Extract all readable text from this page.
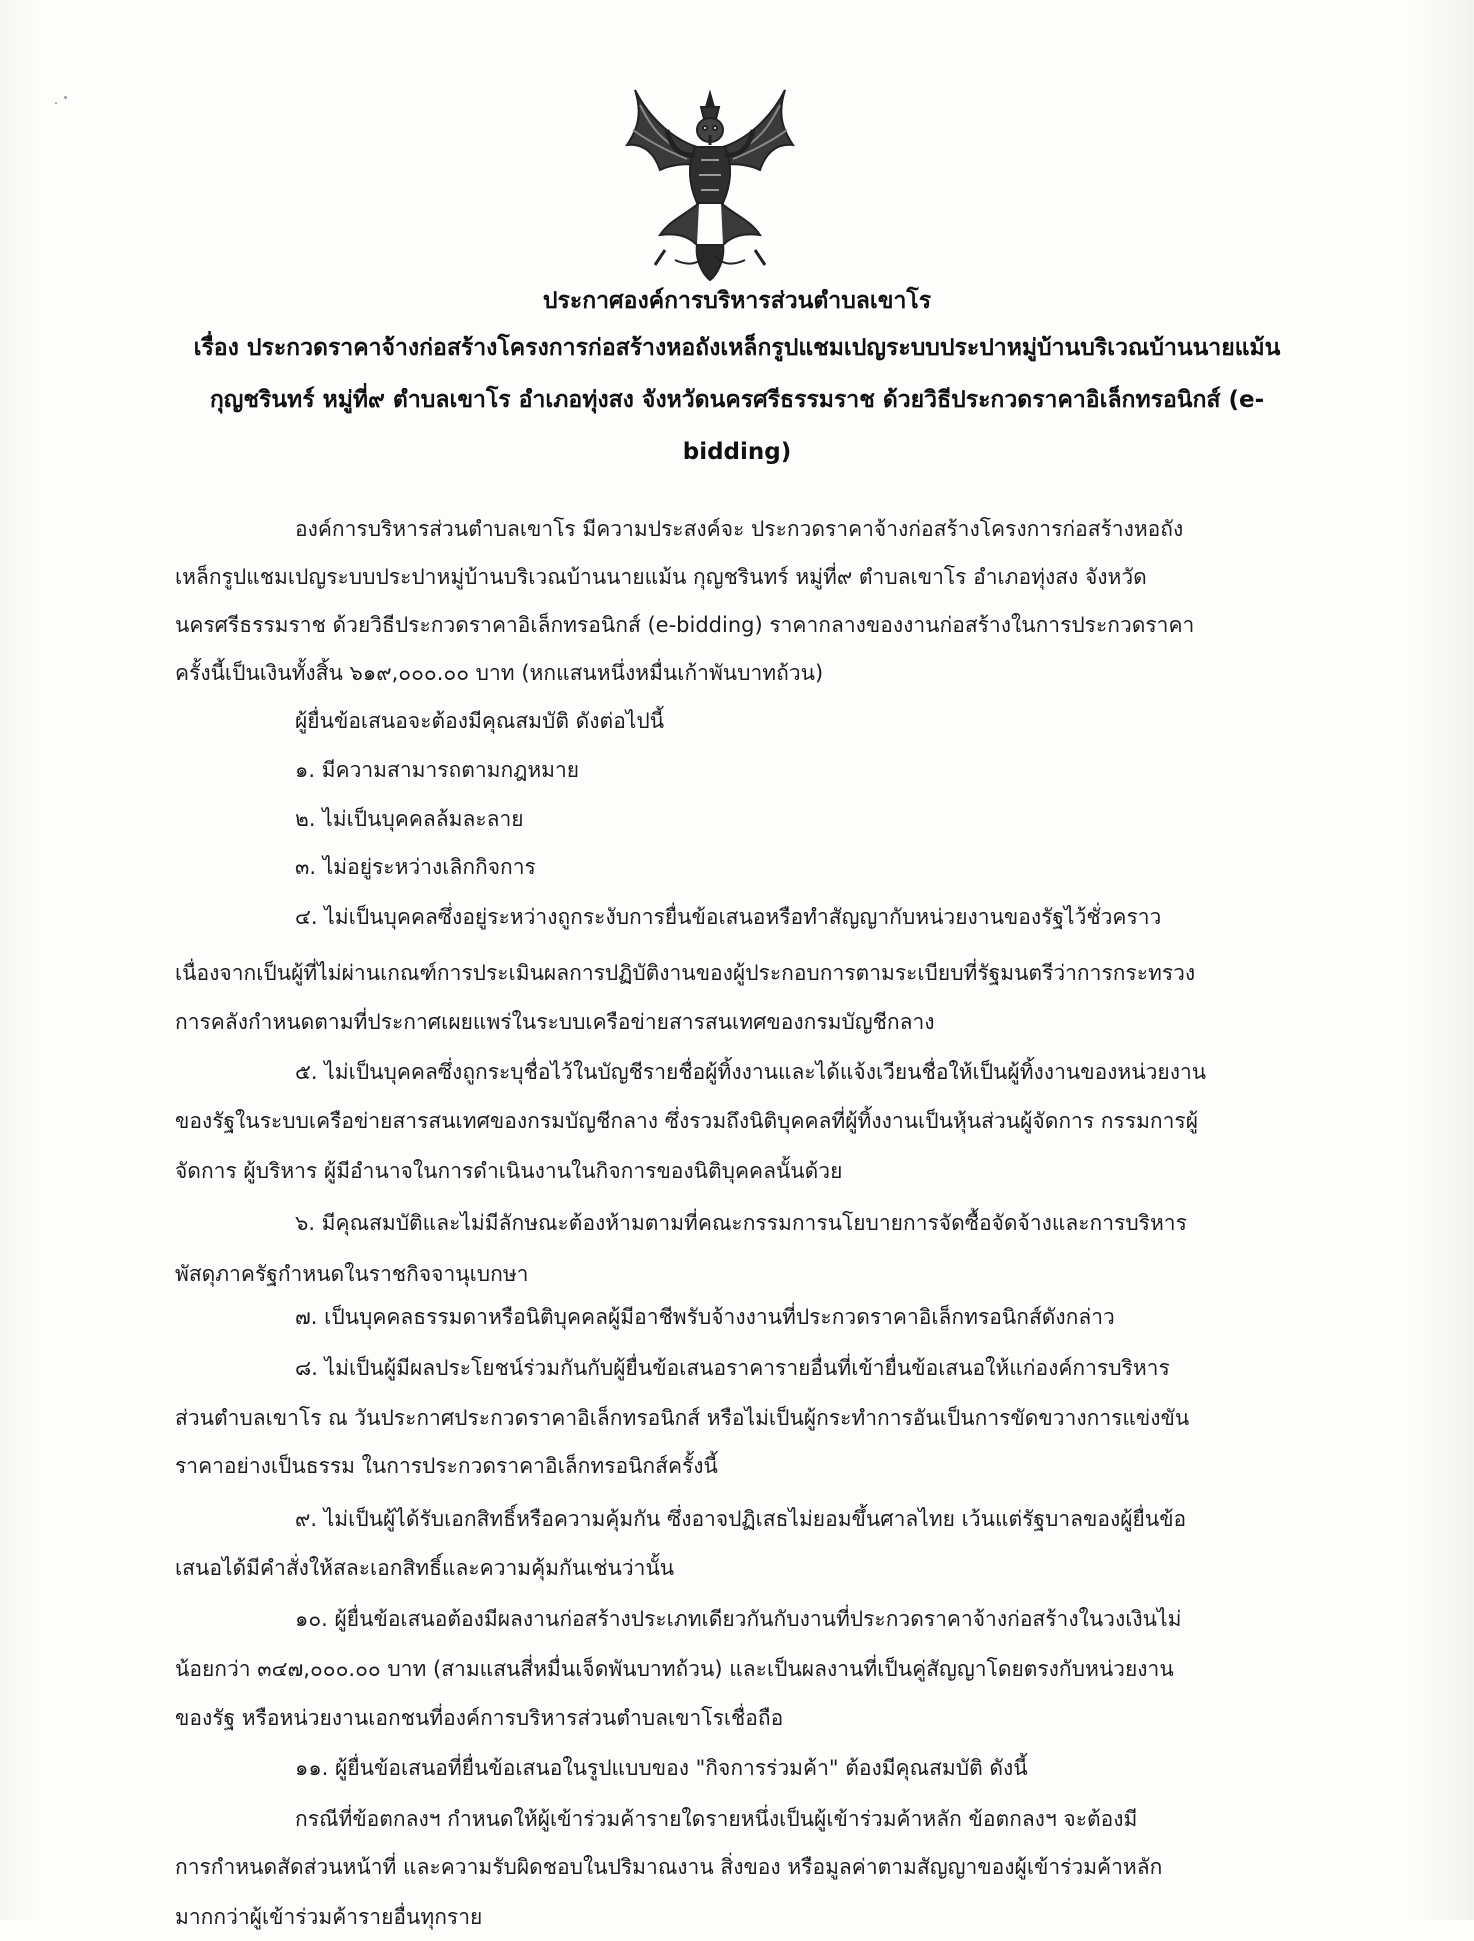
ประกาศองค์การบริหารส่วนตำบลเขาโร
เรื่อง ประกวดราคาจ้างก่อสร้างโครงการก่อสร้างหอถังเหล็กรูปแชมเปญระบบประปาหมู่บ้านบริเวณบ้านนายแม้น
กุญชรินทร์ หมู่ที่๙ ตำบลเขาโร อำเภอทุ่งสง จังหวัดนครศรีธรรมราช ด้วยวิธีประกวดราคาอิเล็กทรอนิกส์ (e-
bidding)
องค์การบริหารส่วนตำบลเขาโร มีความประสงค์จะ ประกวดราคาจ้างก่อสร้างโครงการก่อสร้างหอถัง
เหล็กรูปแชมเปญระบบประปาหมู่บ้านบริเวณบ้านนายแม้น กุญชรินทร์ หมู่ที่๙ ตำบลเขาโร อำเภอทุ่งสง จังหวัด
นครศรีธรรมราช ด้วยวิธีประกวดราคาอิเล็กทรอนิกส์ (e-bidding) ราคากลางของงานก่อสร้างในการประกวดราคา
ครั้งนี้เป็นเงินทั้งสิ้น ๖๑๙,๐๐๐.๐๐ บาท (หกแสนหนึ่งหมื่นเก้าพันบาทถ้วน)
ผู้ยื่นข้อเสนอจะต้องมีคุณสมบัติ ดังต่อไปนี้
๑. มีความสามารถตามกฎหมาย
๒. ไม่เป็นบุคคลล้มละลาย
๓. ไม่อยู่ระหว่างเลิกกิจการ
๔. ไม่เป็นบุคคลซึ่งอยู่ระหว่างถูกระงับการยื่นข้อเสนอหรือทำสัญญากับหน่วยงานของรัฐไว้ชั่วคราว
เนื่องจากเป็นผู้ที่ไม่ผ่านเกณฑ์การประเมินผลการปฏิบัติงานของผู้ประกอบการตามระเบียบที่รัฐมนตรีว่าการกระทรวง
การคลังกำหนดตามที่ประกาศเผยแพร่ในระบบเครือข่ายสารสนเทศของกรมบัญชีกลาง
๕. ไม่เป็นบุคคลซึ่งถูกระบุชื่อไว้ในบัญชีรายชื่อผู้ทิ้งงานและได้แจ้งเวียนชื่อให้เป็นผู้ทิ้งงานของหน่วยงาน
ของรัฐในระบบเครือข่ายสารสนเทศของกรมบัญชีกลาง ซึ่งรวมถึงนิติบุคคลที่ผู้ทิ้งงานเป็นหุ้นส่วนผู้จัดการ กรรมการผู้
จัดการ ผู้บริหาร ผู้มีอำนาจในการดำเนินงานในกิจการของนิติบุคคลนั้นด้วย
๖. มีคุณสมบัติและไม่มีลักษณะต้องห้ามตามที่คณะกรรมการนโยบายการจัดซื้อจัดจ้างและการบริหาร
พัสดุภาครัฐกำหนดในราชกิจจานุเบกษา
๗. เป็นบุคคลธรรมดาหรือนิติบุคคลผู้มีอาชีพรับจ้างงานที่ประกวดราคาอิเล็กทรอนิกส์ดังกล่าว
๘. ไม่เป็นผู้มีผลประโยชน์ร่วมกันกับผู้ยื่นข้อเสนอราคารายอื่นที่เข้ายื่นข้อเสนอให้แก่องค์การบริหาร
ส่วนตำบลเขาโร ณ วันประกาศประกวดราคาอิเล็กทรอนิกส์ หรือไม่เป็นผู้กระทำการอันเป็นการขัดขวางการแข่งขัน
ราคาอย่างเป็นธรรม ในการประกวดราคาอิเล็กทรอนิกส์ครั้งนี้
๙. ไม่เป็นผู้ได้รับเอกสิทธิ์หรือความคุ้มกัน ซึ่งอาจปฏิเสธไม่ยอมขึ้นศาลไทย เว้นแต่รัฐบาลของผู้ยื่นข้อ
เสนอได้มีคำสั่งให้สละเอกสิทธิ์และความคุ้มกันเช่นว่านั้น
๑๐. ผู้ยื่นข้อเสนอต้องมีผลงานก่อสร้างประเภทเดียวกันกับงานที่ประกวดราคาจ้างก่อสร้างในวงเงินไม่
น้อยกว่า ๓๔๗,๐๐๐.๐๐ บาท (สามแสนสี่หมื่นเจ็ดพันบาทถ้วน) และเป็นผลงานที่เป็นคู่สัญญาโดยตรงกับหน่วยงาน
ของรัฐ หรือหน่วยงานเอกชนที่องค์การบริหารส่วนตำบลเขาโรเชื่อถือ
๑๑. ผู้ยื่นข้อเสนอที่ยื่นข้อเสนอในรูปแบบของ "กิจการร่วมค้า" ต้องมีคุณสมบัติ ดังนี้
กรณีที่ข้อตกลงฯ กำหนดให้ผู้เข้าร่วมค้ารายใดรายหนึ่งเป็นผู้เข้าร่วมค้าหลัก ข้อตกลงฯ จะต้องมี
การกำหนดสัดส่วนหน้าที่ และความรับผิดชอบในปริมาณงาน สิ่งของ หรือมูลค่าตามสัญญาของผู้เข้าร่วมค้าหลัก
มากกว่าผู้เข้าร่วมค้ารายอื่นทุกราย
